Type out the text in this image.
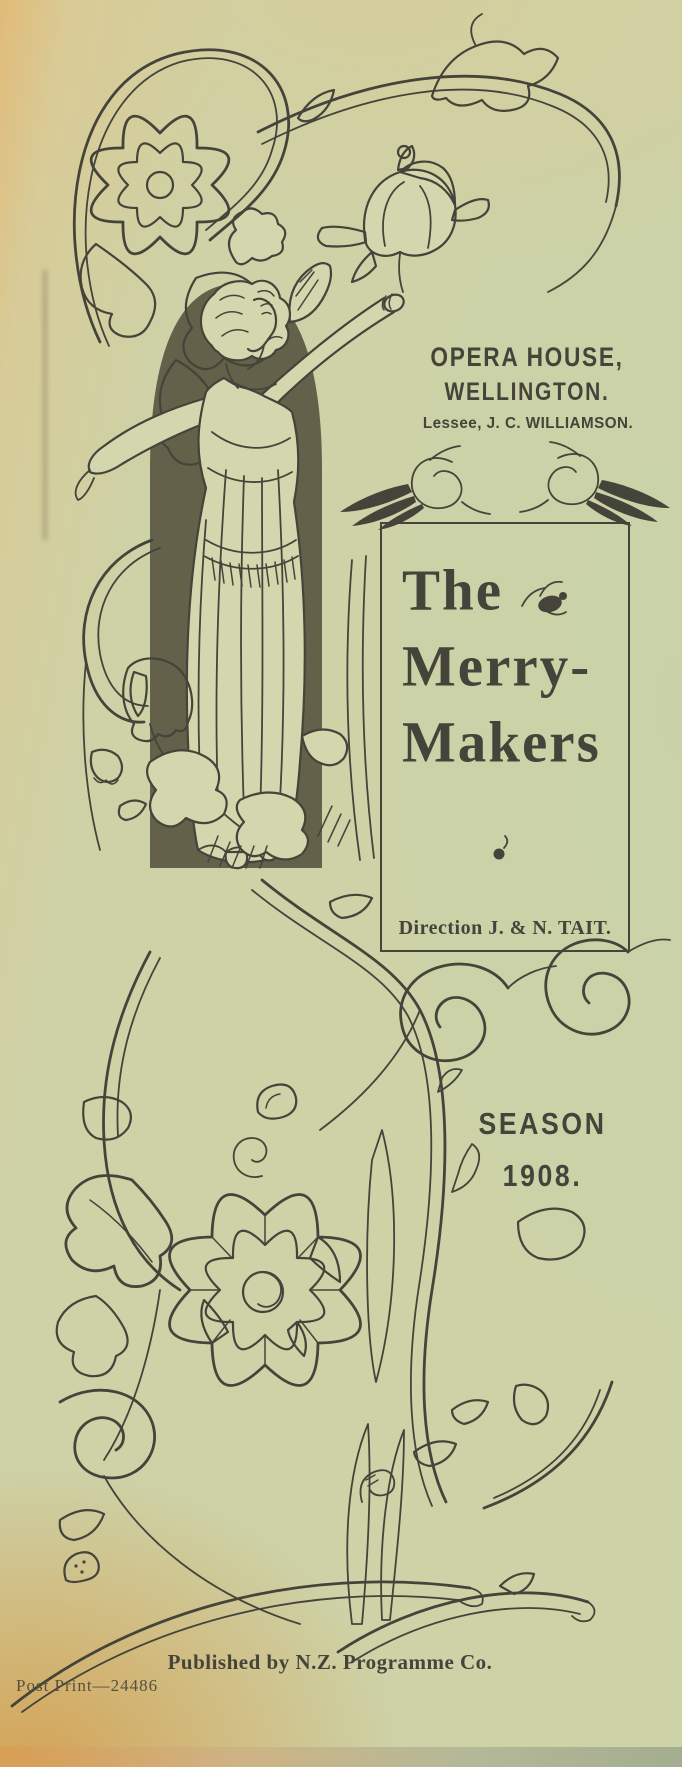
OPERA HOUSE,
WELLINGTON.
Lessee, J. C. WILLIAMSON.
The
Merry-
Makers
Direction J. & N. TAIT.
SEASON
1908.
Published by N.Z. Programme Co.
Post Print—24486
